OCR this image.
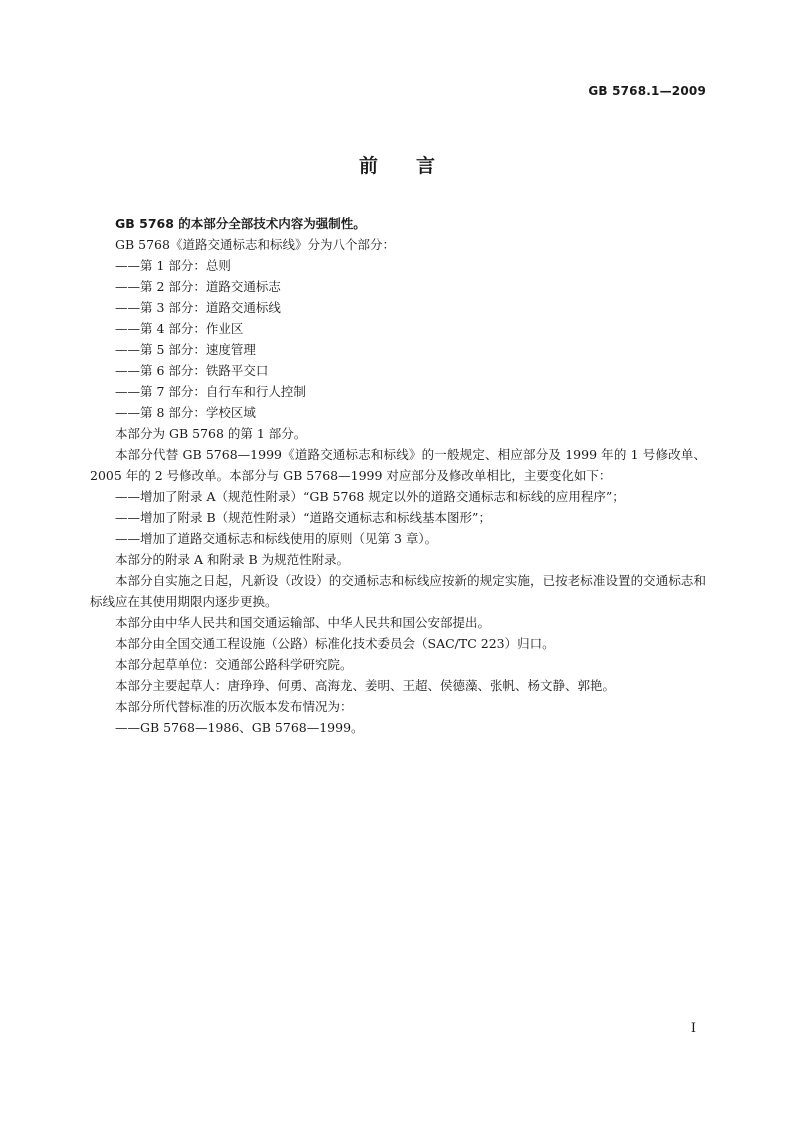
GB 5768.1—2009
前言

GB 5768 的本部分全部技术内容为强制性。

GB 5768《道路交通标志和标线》分为八个部分：

——第 1 部分：总则

——第 2 部分：道路交通标志

——第 3 部分：道路交通标线

——第 4 部分：作业区

——第 5 部分：速度管理

——第 6 部分：铁路平交口

——第 7 部分：自行车和行人控制

——第 8 部分：学校区域

本部分为 GB 5768 的第 1 部分。

本部分代替 GB 5768—1999《道路交通标志和标线》的一般规定、相应部分及 1999 年的 1 号修改单、2005 年的 2 号修改单。本部分与 GB 5768—1999 对应部分及修改单相比，主要变化如下：

——增加了附录 A（规范性附录）“GB 5768 规定以外的道路交通标志和标线的应用程序”；

——增加了附录 B（规范性附录）“道路交通标志和标线基本图形”；

——增加了道路交通标志和标线使用的原则（见第 3 章）。

本部分的附录 A 和附录 B 为规范性附录。

本部分自实施之日起，凡新设（改设）的交通标志和标线应按新的规定实施，已按老标准设置的交通标志和标线应在其使用期限内逐步更换。

本部分由中华人民共和国交通运输部、中华人民共和国公安部提出。

本部分由全国交通工程设施（公路）标准化技术委员会（SAC/TC 223）归口。

本部分起草单位：交通部公路科学研究院。

本部分主要起草人：唐琤琤、何勇、高海龙、姜明、王超、侯德藻、张帆、杨文静、郭艳。

本部分所代替标准的历次版本发布情况为：

——GB 5768—1986、GB 5768—1999。

I
